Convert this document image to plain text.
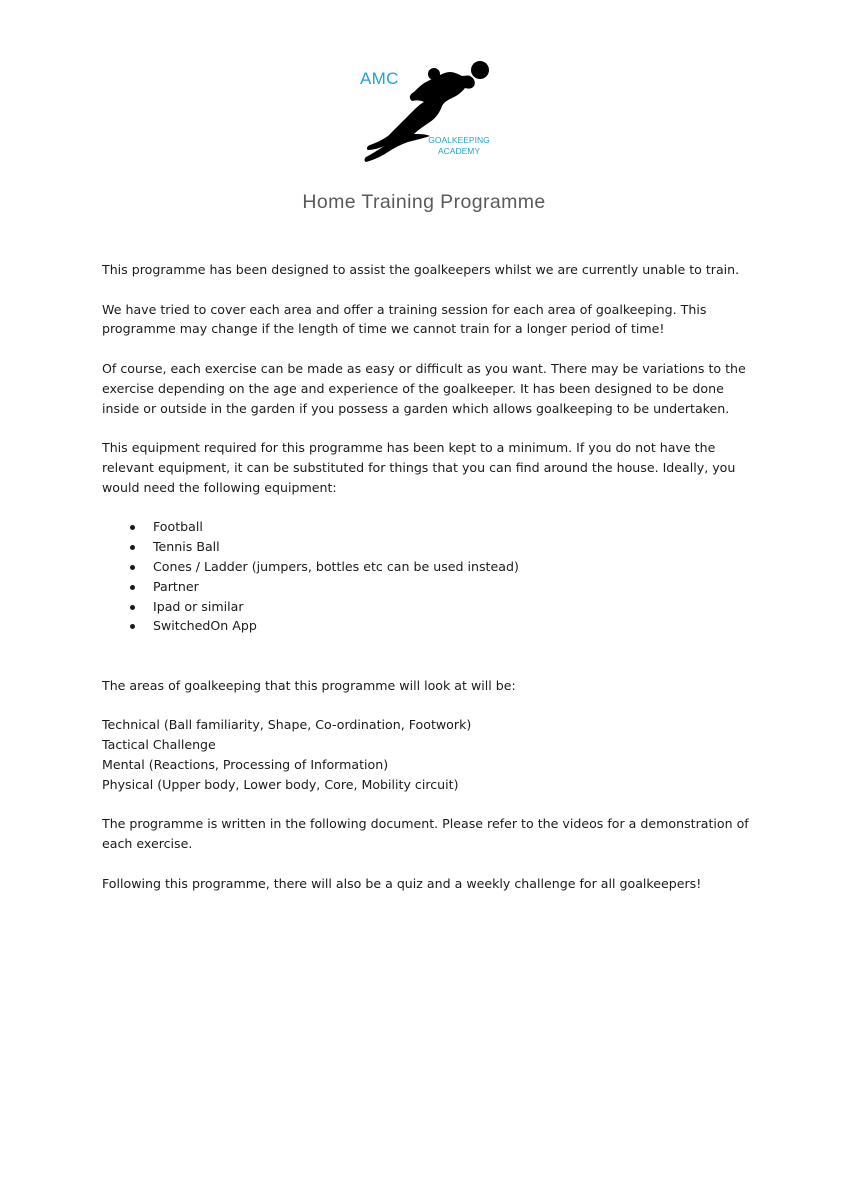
AMC
GOALKEEPING
ACADEMY
Home Training Programme

This programme has been designed to assist the goalkeepers whilst we are currently unable to train.

We have tried to cover each area and offer a training session for each area of goalkeeping. This programme may change if the length of time we cannot train for a longer period of time!

Of course, each exercise can be made as easy or difficult as you want. There may be variations to the exercise depending on the age and experience of the goalkeeper. It has been designed to be done inside or outside in the garden if you possess a garden which allows goalkeeping to be undertaken.

This equipment required for this programme has been kept to a minimum. If you do not have the relevant equipment, it can be substituted for things that you can find around the house. Ideally, you would need the following equipment:

Football
Tennis Ball
Cones / Ladder (jumpers, bottles etc can be used instead)
Partner
Ipad or similar
SwitchedOn App

The areas of goalkeeping that this programme will look at will be:

Technical (Ball familiarity, Shape, Co-ordination, Footwork)

Tactical Challenge

Mental (Reactions, Processing of Information)

Physical (Upper body, Lower body, Core, Mobility circuit)

The programme is written in the following document. Please refer to the videos for a demonstration of each exercise.

Following this programme, there will also be a quiz and a weekly challenge for all goalkeepers!
